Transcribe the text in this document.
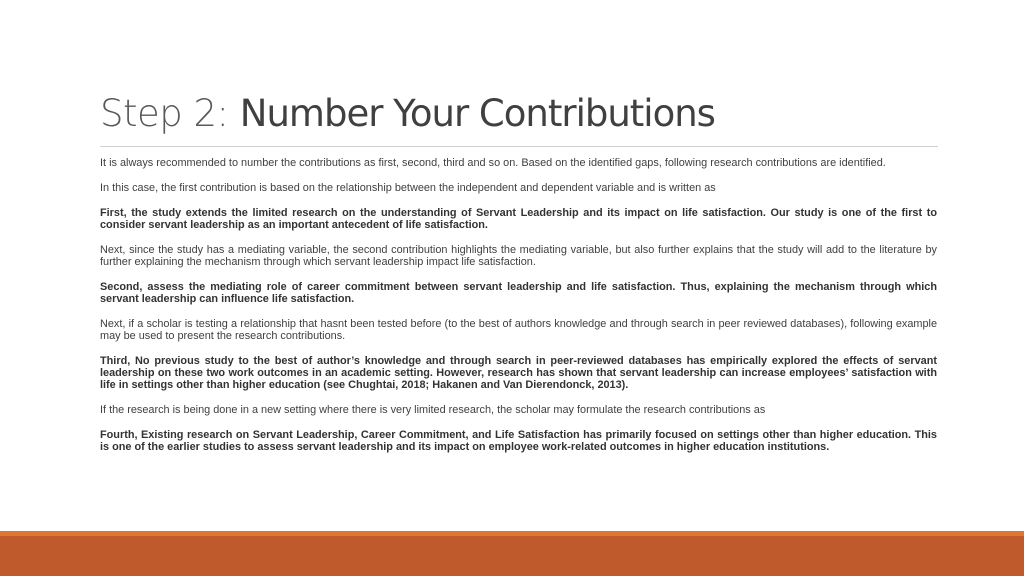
Step 2: Number Your Contributions

It is always recommended to number the contributions as first, second, third and so on. Based on the identified gaps, following research contributions are identified.

In this case, the first contribution is based on the relationship between the independent and dependent variable and is written as

First, the study extends the limited research on the understanding of Servant Leadership and its impact on life satisfaction. Our study is one of the first to consider servant leadership as an important antecedent of life satisfaction.

Next, since the study has a mediating variable, the second contribution highlights the mediating variable, but also further explains that the study will add to the literature by further explaining the mechanism through which servant leadership impact life satisfaction.

Second, assess the mediating role of career commitment between servant leadership and life satisfaction. Thus, explaining the mechanism through which servant leadership can influence life satisfaction.

Next, if a scholar is testing a relationship that hasnt been tested before (to the best of authors knowledge and through search in peer reviewed databases), following example may be used to present the research contributions.

Third, No previous study to the best of author’s knowledge and through search in peer-reviewed databases has empirically explored the effects of servant leadership on these two work outcomes in an academic setting. However, research has shown that servant leadership can increase employees’ satisfaction with life in settings other than higher education (see Chughtai, 2018; Hakanen and Van Dierendonck, 2013).

If the research is being done in a new setting where there is very limited research, the scholar may formulate the research contributions as

Fourth, Existing research on Servant Leadership, Career Commitment, and Life Satisfaction has primarily focused on settings other than higher education. This is one of the earlier studies to assess servant leadership and its impact on employee work-related outcomes in higher education institutions.
